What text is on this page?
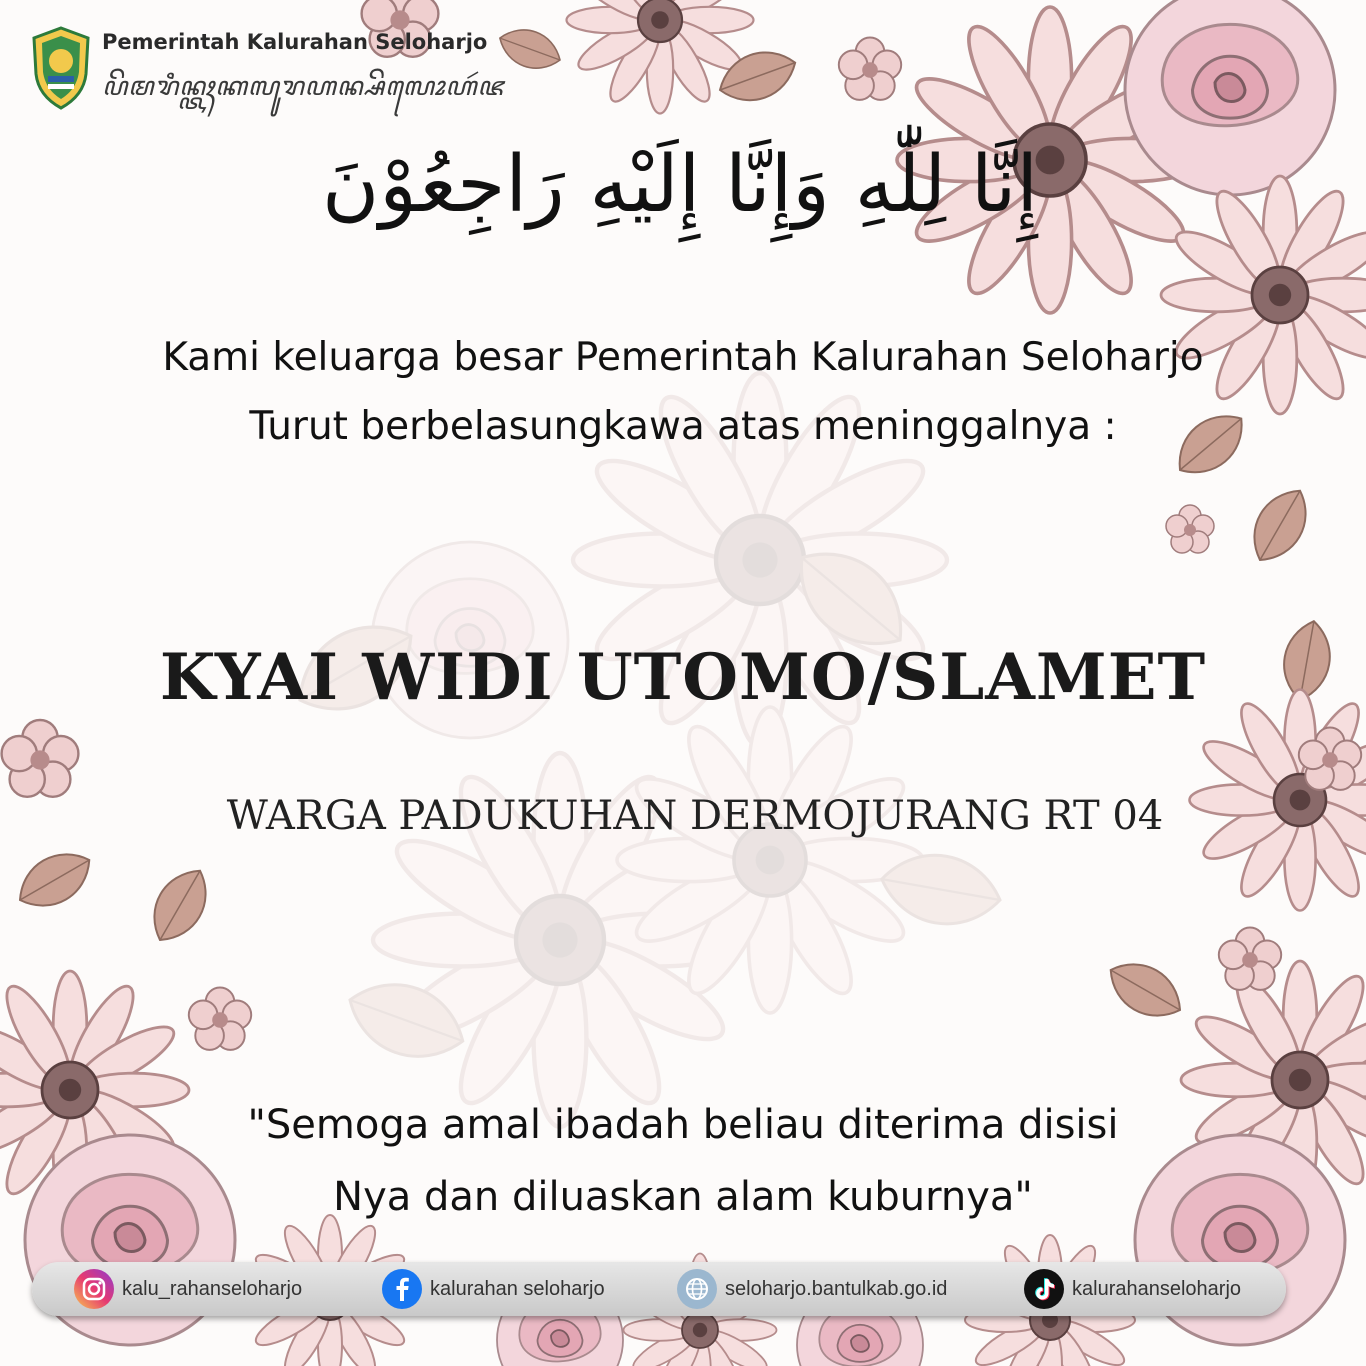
Pemerintah Kalurahan Seloharjo
ꦥꦼꦩꦫꦶꦤ꧀ꦠꦃꦏꦭꦸꦫꦲꦤ꧀ꦱꦼꦭꦺꦴꦲꦂꦗ
إِنَّا لِلّٰهِ وَإِنَّا إِلَيْهِ رَاجِعُوْنَ
Kami keluarga besar Pemerintah Kalurahan Seloharjo
Turut berbelasungkawa atas meninggalnya :
KYAI WIDI UTOMO/SLAMET
WARGA PADUKUHAN DERMOJURANG RT 04
"Semoga amal ibadah beliau diterima disisi
Nya dan diluaskan alam kuburnya"
kalu_rahanseloharjo	kalurahan seloharjo	seloharjo.bantulkab.go.id	kalurahanseloharjo
